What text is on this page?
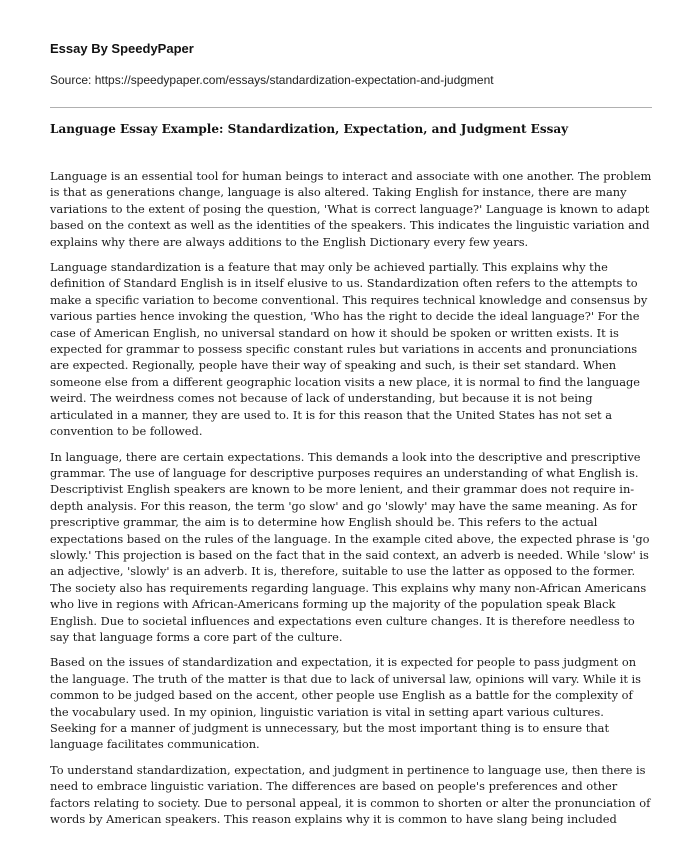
Essay By SpeedyPaper

Source: https://speedypaper.com/essays/standardization-expectation-and-judgment

Language Essay Example: Standardization, Expectation, and Judgment Essay

Language is an essential tool for human beings to interact and associate with one another. The problem is that as generations change, language is also altered. Taking English for instance, there are many variations to the extent of posing the question, 'What is correct language?' Language is known to adapt based on the context as well as the identities of the speakers. This indicates the linguistic variation and explains why there are always additions to the English Dictionary every few years.

Language standardization is a feature that may only be achieved partially. This explains why the definition of Standard English is in itself elusive to us. Standardization often refers to the attempts to make a specific variation to become conventional. This requires technical knowledge and consensus by various parties hence invoking the question, 'Who has the right to decide the ideal language?' For the case of American English, no universal standard on how it should be spoken or written exists. It is expected for grammar to possess specific constant rules but variations in accents and pronunciations are expected. Regionally, people have their way of speaking and such, is their set standard. When someone else from a different geographic location visits a new place, it is normal to find the language weird. The weirdness comes not because of lack of understanding, but because it is not being articulated in a manner, they are used to. It is for this reason that the United States has not set a convention to be followed.

In language, there are certain expectations. This demands a look into the descriptive and prescriptive grammar. The use of language for descriptive purposes requires an understanding of what English is. Descriptivist English speakers are known to be more lenient, and their grammar does not require in-depth analysis. For this reason, the term 'go slow' and go 'slowly' may have the same meaning. As for prescriptive grammar, the aim is to determine how English should be. This refers to the actual expectations based on the rules of the language. In the example cited above, the expected phrase is 'go slowly.' This projection is based on the fact that in the said context, an adverb is needed. While 'slow' is an adjective, 'slowly' is an adverb. It is, therefore, suitable to use the latter as opposed to the former. The society also has requirements regarding language. This explains why many non-African Americans who live in regions with African-Americans forming up the majority of the population speak Black English. Due to societal influences and expectations even culture changes. It is therefore needless to say that language forms a core part of the culture.

Based on the issues of standardization and expectation, it is expected for people to pass judgment on the language. The truth of the matter is that due to lack of universal law, opinions will vary. While it is common to be judged based on the accent, other people use English as a battle for the complexity of the vocabulary used. In my opinion, linguistic variation is vital in setting apart various cultures. Seeking for a manner of judgment is unnecessary, but the most important thing is to ensure that language facilitates communication.

To understand standardization, expectation, and judgment in pertinence to language use, then there is need to embrace linguistic variation. The differences are based on people's preferences and other factors relating to society. Due to personal appeal, it is common to shorten or alter the pronunciation of words by American speakers. This reason explains why it is common to have slang being included
